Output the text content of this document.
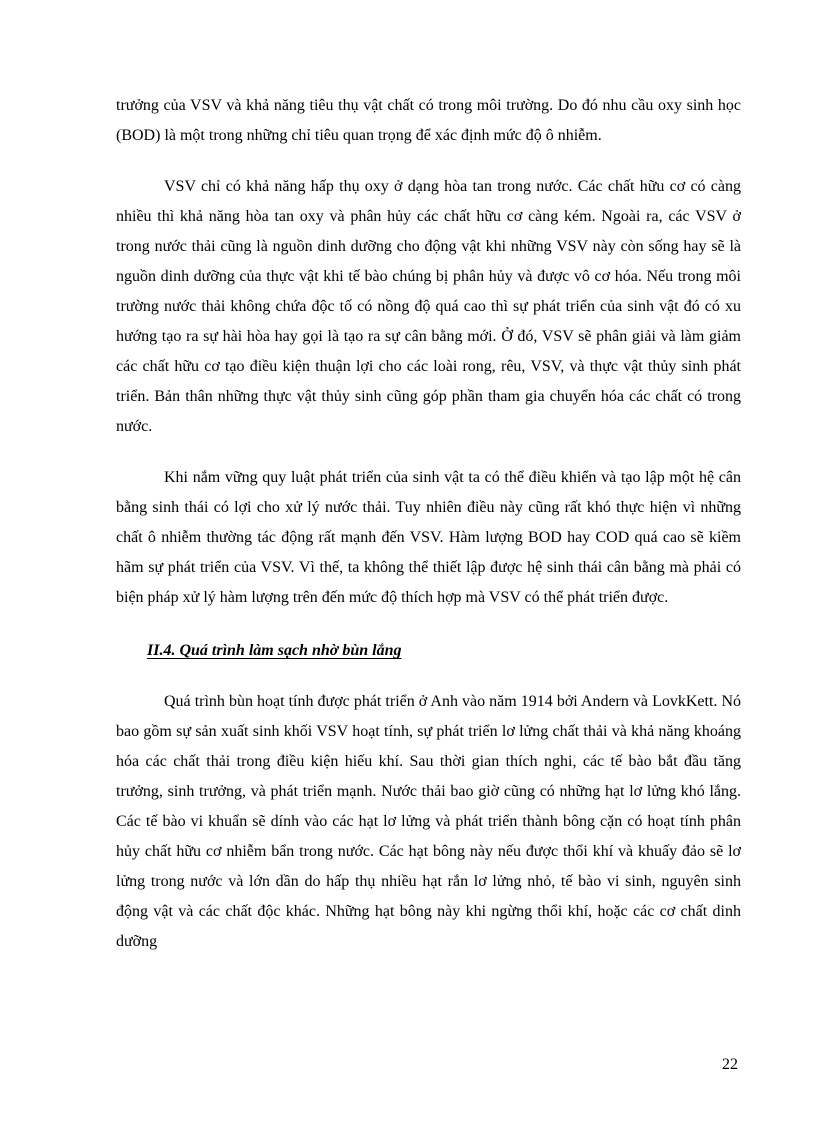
trưởng của VSV và khả năng tiêu thụ vật chất có trong môi trường. Do đó nhu cầu oxy sinh học (BOD) là một trong những chỉ tiêu quan trọng để xác định mức độ ô nhiễm.

VSV chỉ có khả năng hấp thụ oxy ở dạng hòa tan trong nước. Các chất hữu cơ có càng nhiều thì khả năng hòa tan oxy và phân hủy các chất hữu cơ càng kém. Ngoài ra, các VSV ở trong nước thải cũng là nguồn dinh dưỡng cho động vật khi những VSV này còn sống hay sẽ là nguồn dinh dưỡng của thực vật khi tế bào chúng bị phân hủy và được vô cơ hóa. Nếu trong môi trường nước thải không chứa độc tố có nồng độ quá cao thì sự phát triển của sinh vật đó có xu hướng tạo ra sự hài hòa hay gọi là tạo ra sự cân bằng mới. Ở đó, VSV sẽ phân giải và làm giảm các chất hữu cơ tạo điều kiện thuận lợi cho các loài rong, rêu, VSV, và thực vật thủy sinh phát triển. Bản thân những thực vật thủy sinh cũng góp phần tham gia chuyển hóa các chất có trong nước.

Khi nắm vững quy luật phát triển của sinh vật ta có thể điều khiển và tạo lập một hệ cân bằng sinh thái có lợi cho xử lý nước thải. Tuy nhiên điều này cũng rất khó thực hiện vì những chất ô nhiễm thường tác động rất mạnh đến VSV. Hàm lượng BOD hay COD quá cao sẽ kiềm hãm sự phát triển của VSV. Vì thế, ta không thể thiết lập được hệ sinh thái cân bằng mà phải có biện pháp xử lý hàm lượng trên đến mức độ thích hợp mà VSV có thể phát triển được.

II.4. Quá trình làm sạch nhờ bùn lắng

Quá trình bùn hoạt tính được phát triển ở Anh vào năm 1914 bởi Andern và LovkKett. Nó bao gồm sự sản xuất sinh khối VSV hoạt tính, sự phát triển lơ lửng chất thải và khả năng khoáng hóa các chất thải trong điều kiện hiếu khí. Sau thời gian thích nghi, các tế bào bắt đầu tăng trưởng, sinh trưởng, và phát triển mạnh. Nước thải bao giờ cũng có những hạt lơ lửng khó lắng. Các tế bào vi khuẩn sẽ dính vào các hạt lơ lửng và phát triển thành bông cặn có hoạt tính phân hủy chất hữu cơ nhiễm bẩn trong nước. Các hạt bông này nếu được thổi khí và khuấy đảo sẽ lơ lửng trong nước và lớn dần do hấp thụ nhiều hạt rắn lơ lửng nhỏ, tế bào vi sinh, nguyên sinh động vật và các chất độc khác. Những hạt bông này khi ngừng thổi khí, hoặc các cơ chất dinh dưỡng

22
